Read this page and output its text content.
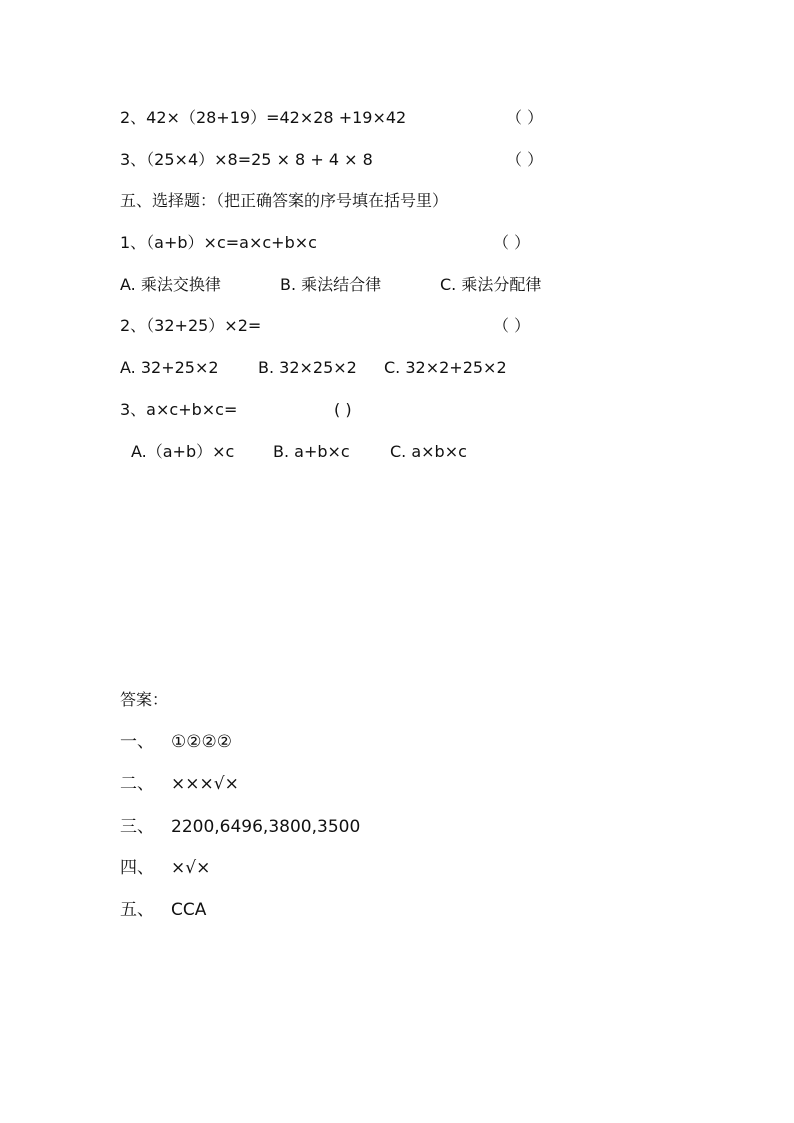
2、42×（28+19）=42×28 +19×42	（ ）
3、（25×4）×8=25 × 8 + 4 × 8	（ ）
五、选择题：（把正确答案的序号填在括号里）
1、（a+b）×c=a×c+b×c	（ ）
A. 乘法交换律	B. 乘法结合律	C. 乘法分配律
2、（32+25）×2=	（ ）
A. 32+25×2 B. 32×25×2 C. 32×2+25×2
3、a×c+b×c=	( )
A.（a+b）×c B. a+b×c	C. a×b×c
答案：
一、 ①②②②
二、 ×××√×
三、 2200,6496,3800,3500
四、 ×√×
五、 CCA
